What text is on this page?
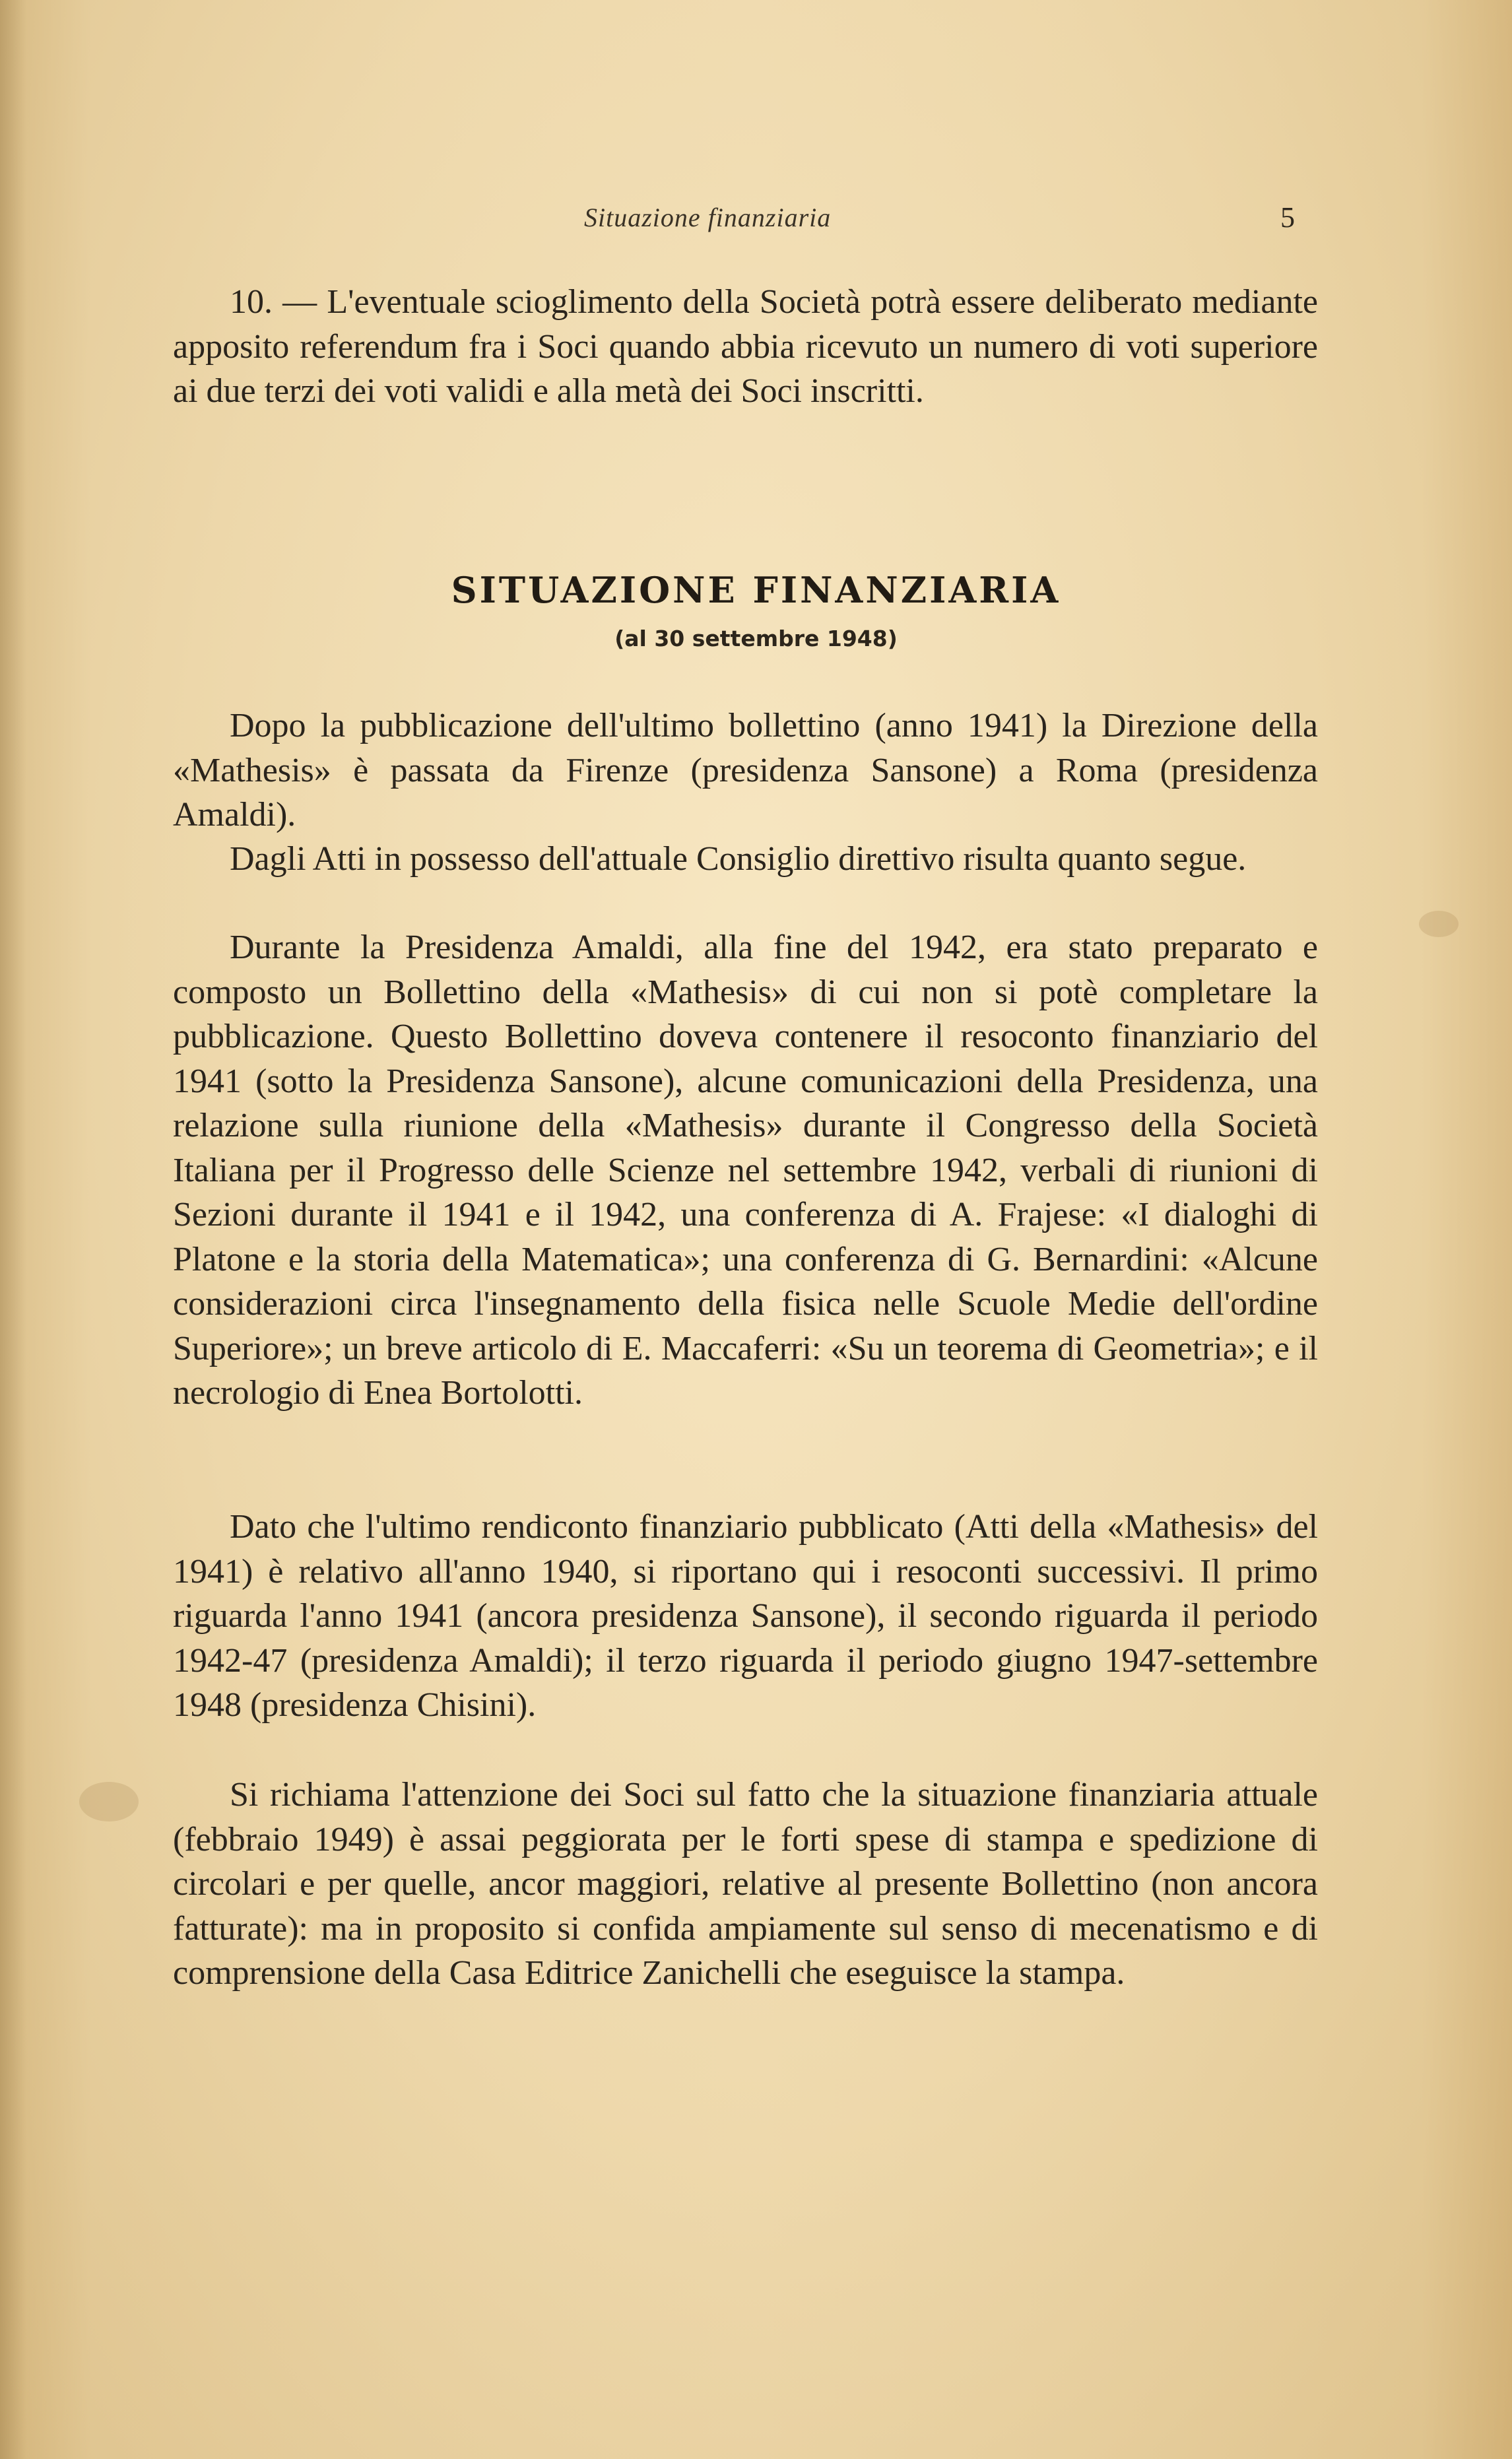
Situazione finanziaria	5

10. — L'eventuale scioglimento della Società potrà essere deliberato mediante apposito referendum fra i Soci quando abbia ricevuto un numero di voti superiore ai due terzi dei voti validi e alla metà dei Soci inscritti.

SITUAZIONE FINANZIARIA
(al 30 settembre 1948)

Dopo la pubblicazione dell'ultimo bollettino (anno 1941) la Direzione della «Mathesis» è passata da Firenze (presidenza Sansone) a Roma (presidenza Amaldi).

Dagli Atti in possesso dell'attuale Consiglio direttivo risulta quanto segue.

Durante la Presidenza Amaldi, alla fine del 1942, era stato preparato e composto un Bollettino della «Mathesis» di cui non si potè completare la pubblicazione. Questo Bollettino doveva contenere il resoconto finanziario del 1941 (sotto la Presidenza Sansone), alcune comunicazioni della Presidenza, una relazione sulla riunione della «Mathesis» durante il Congresso della Società Italiana per il Progresso delle Scienze nel settembre 1942, verbali di riunioni di Sezioni durante il 1941 e il 1942, una conferenza di A. Frajese: «I dialoghi di Platone e la storia della Matematica»; una conferenza di G. Bernardini: «Alcune considerazioni circa l'insegnamento della fisica nelle Scuole Medie dell'ordine Superiore»; un breve articolo di E. Maccaferri: «Su un teorema di Geometria»; e il necrologio di Enea Bortolotti.

Dato che l'ultimo rendiconto finanziario pubblicato (Atti della «Mathesis» del 1941) è relativo all'anno 1940, si riportano qui i resoconti successivi. Il primo riguarda l'anno 1941 (ancora presidenza Sansone), il secondo riguarda il periodo 1942-47 (presidenza Amaldi); il terzo riguarda il periodo giugno 1947-settembre 1948 (presidenza Chisini).

Si richiama l'attenzione dei Soci sul fatto che la situazione finanziaria attuale (febbraio 1949) è assai peggiorata per le forti spese di stampa e spedizione di circolari e per quelle, ancor maggiori, relative al presente Bollettino (non ancora fatturate): ma in proposito si confida ampiamente sul senso di mecenatismo e di comprensione della Casa Editrice Zanichelli che eseguisce la stampa.
